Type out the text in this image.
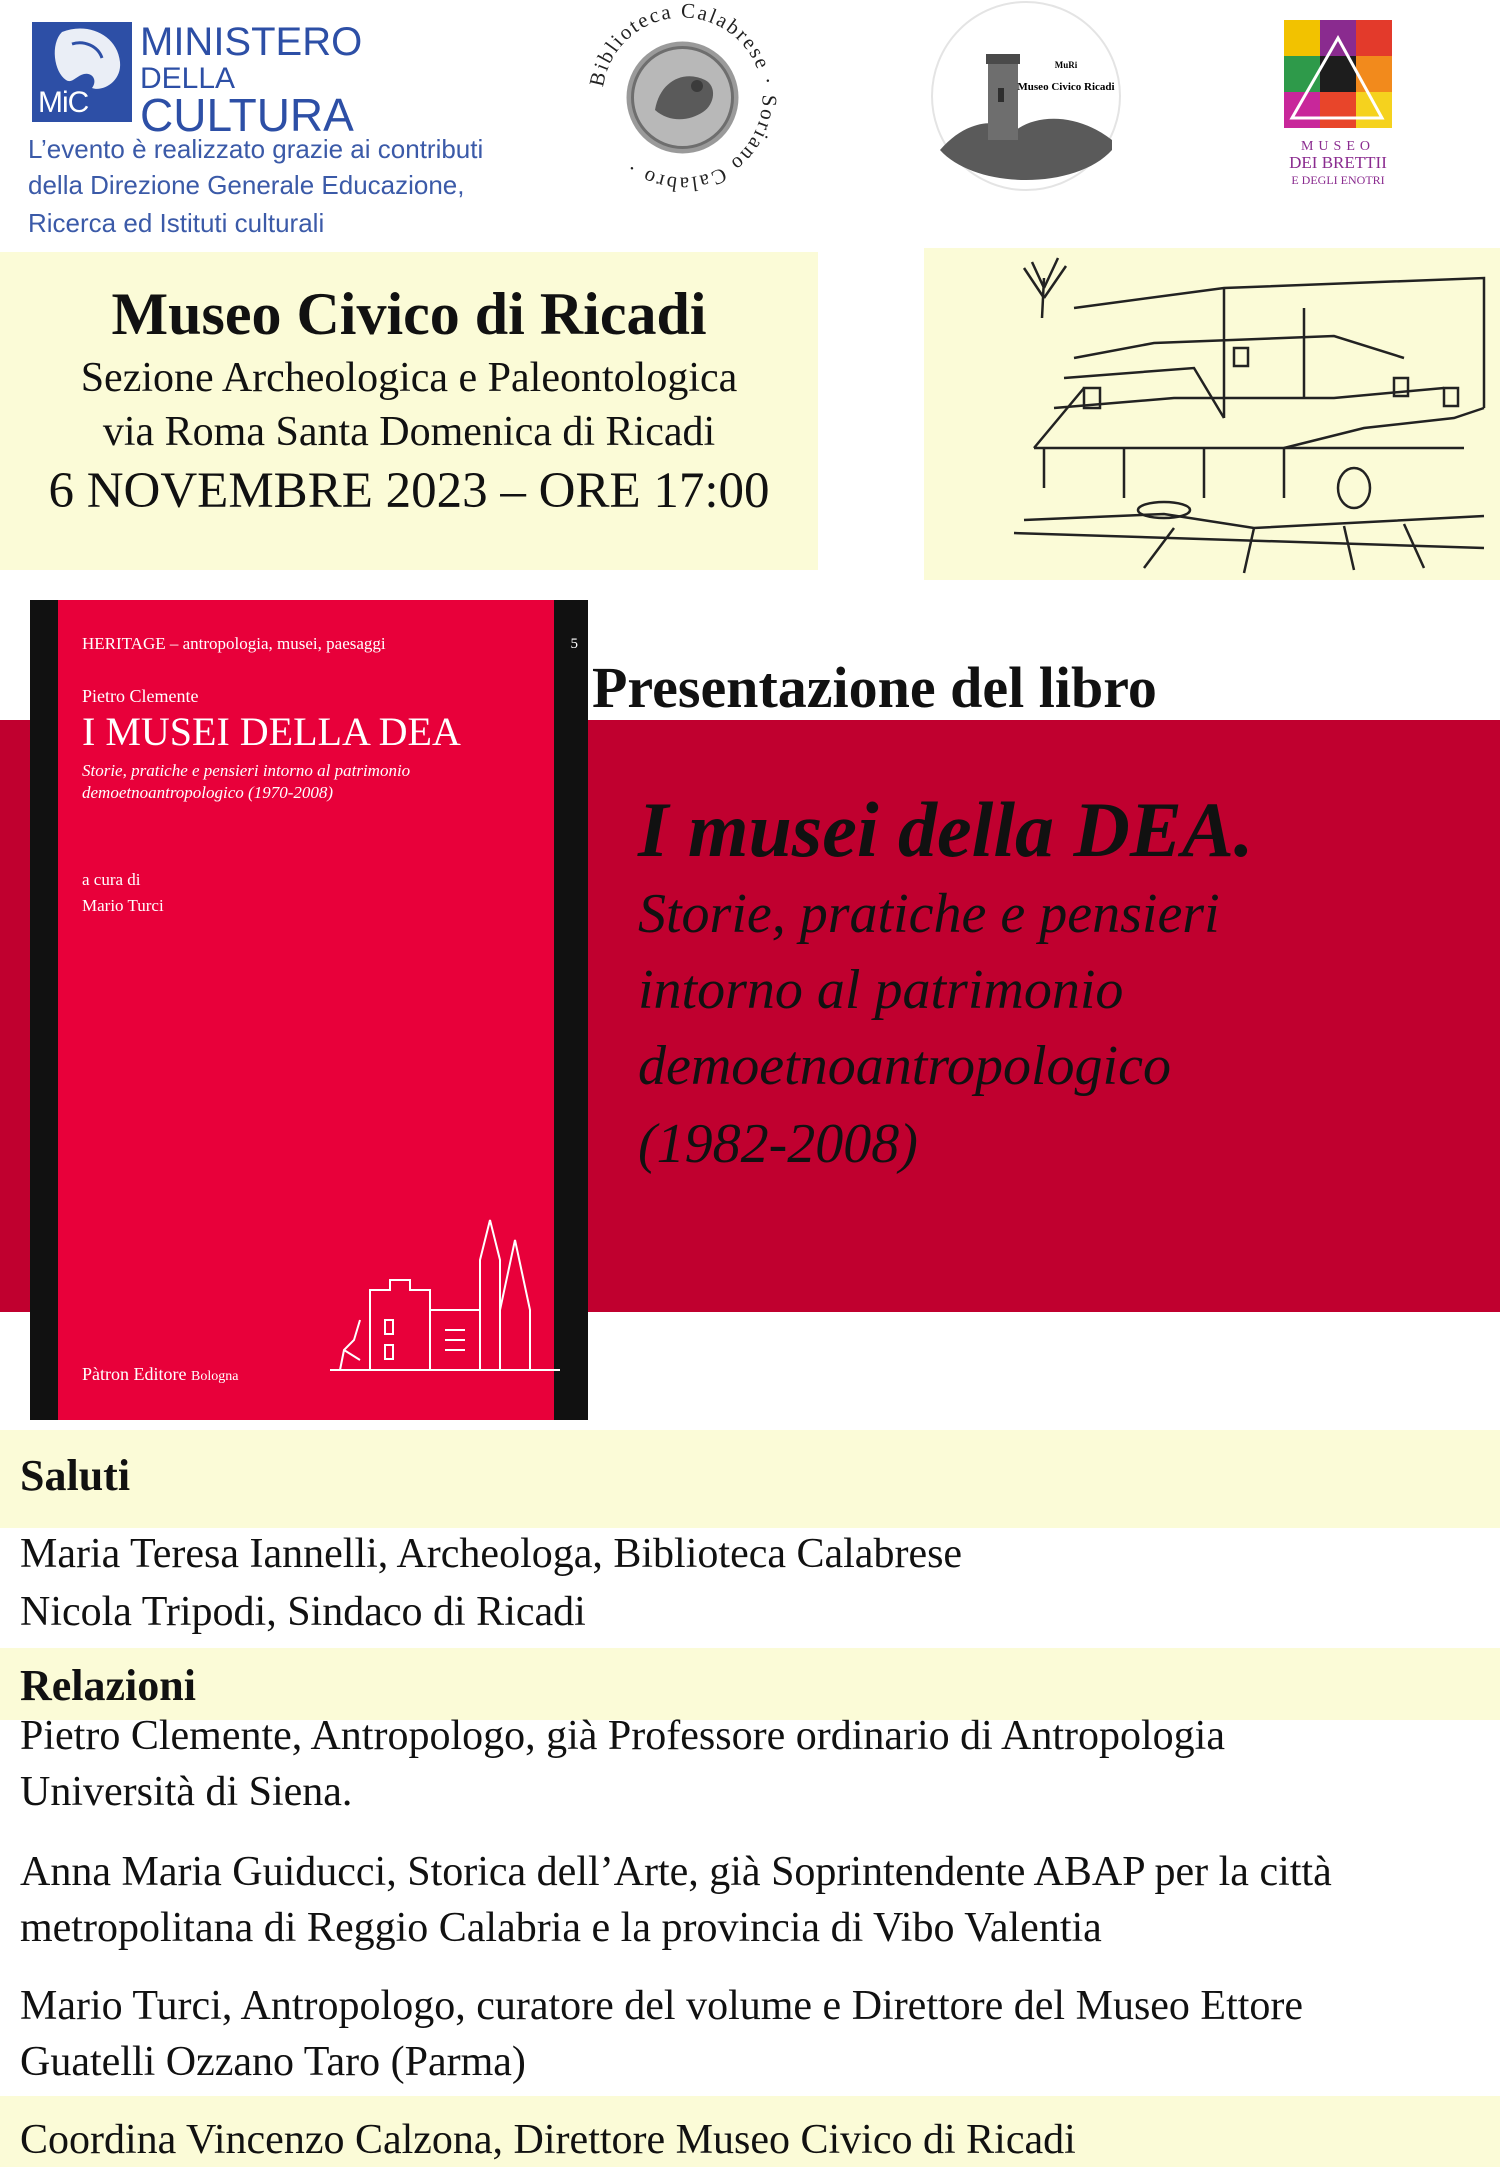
MiC
MINISTERO
DELLA
CULTURA
L’evento è realizzato grazie ai contributi
della Direzione Generale Educazione,
Ricerca ed Istituti culturali
Biblioteca Calabrese · Soriano Calabro ·
MuRi
Museo Civico Ricadi
MUSEO
DEI BRETTII
E DEGLI ENOTRI
Museo Civico di Ricadi
Sezione Archeologica e Paleontologica
via Roma Santa Domenica di Ricadi
6 NOVEMBRE 2023 – ORE 17:00
HERITAGE – antropologia, musei, paesaggi	5
Pietro Clemente
I MUSEI DELLA DEA
Storie, pratiche e pensieri intorno al patrimonio demoetnoantropologico (1970-2008)
a cura di
Mario Turci
Pàtron Editore Bologna
Presentazione del libro
I musei della DEA.
Storie, pratiche e pensieri
intorno al patrimonio
demoetnoantropologico
(1982-2008)
Saluti
Maria Teresa Iannelli, Archeologa, Biblioteca Calabrese
Nicola Tripodi, Sindaco di Ricadi
Relazioni
Pietro Clemente, Antropologo, già Professore ordinario di Antropologia
Università di Siena.
Anna Maria Guiducci, Storica dell’Arte, già Soprintendente ABAP per la città
metropolitana di Reggio Calabria e la provincia di Vibo Valentia
Mario Turci, Antropologo, curatore del volume e Direttore del Museo Ettore
Guatelli Ozzano Taro (Parma)
Coordina Vincenzo Calzona, Direttore Museo Civico di Ricadi
